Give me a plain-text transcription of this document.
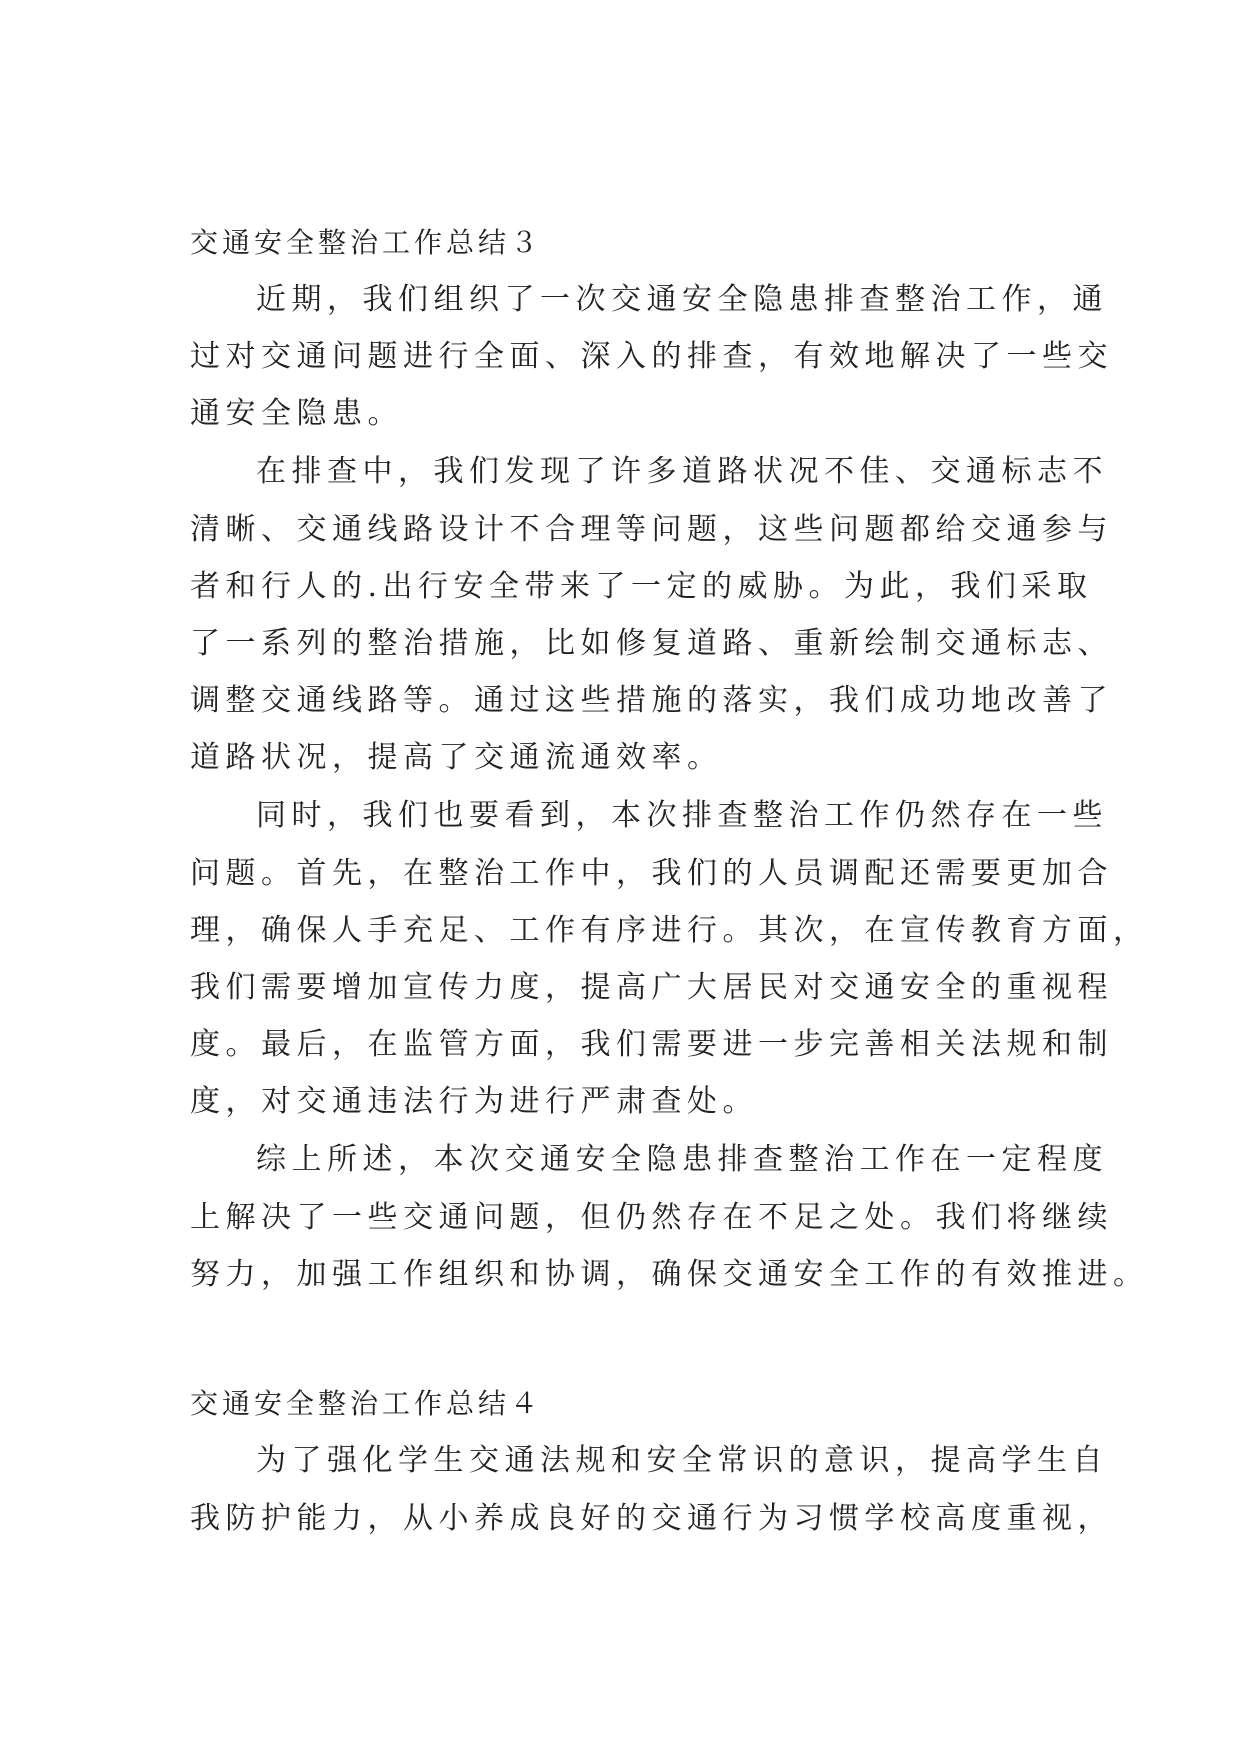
交通安全整治工作总结３
近期，我们组织了一次交通安全隐患排查整治工作，通
过对交通问题进行全面、深入的排查，有效地解决了一些交
通安全隐患。
在排查中，我们发现了许多道路状况不佳、交通标志不
清晰、交通线路设计不合理等问题，这些问题都给交通参与
者和行人的.出行安全带来了一定的威胁。为此，我们采取
了一系列的整治措施，比如修复道路、重新绘制交通标志、
调整交通线路等。通过这些措施的落实，我们成功地改善了
道路状况，提高了交通流通效率。
同时，我们也要看到，本次排查整治工作仍然存在一些
问题。首先，在整治工作中，我们的人员调配还需要更加合
理，确保人手充足、工作有序进行。其次，在宣传教育方面，
我们需要增加宣传力度，提高广大居民对交通安全的重视程
度。最后，在监管方面，我们需要进一步完善相关法规和制
度，对交通违法行为进行严肃查处。
综上所述，本次交通安全隐患排查整治工作在一定程度
上解决了一些交通问题，但仍然存在不足之处。我们将继续
努力，加强工作组织和协调，确保交通安全工作的有效推进。
交通安全整治工作总结４
为了强化学生交通法规和安全常识的意识，提高学生自
我防护能力，从小养成良好的交通行为习惯学校高度重视，
